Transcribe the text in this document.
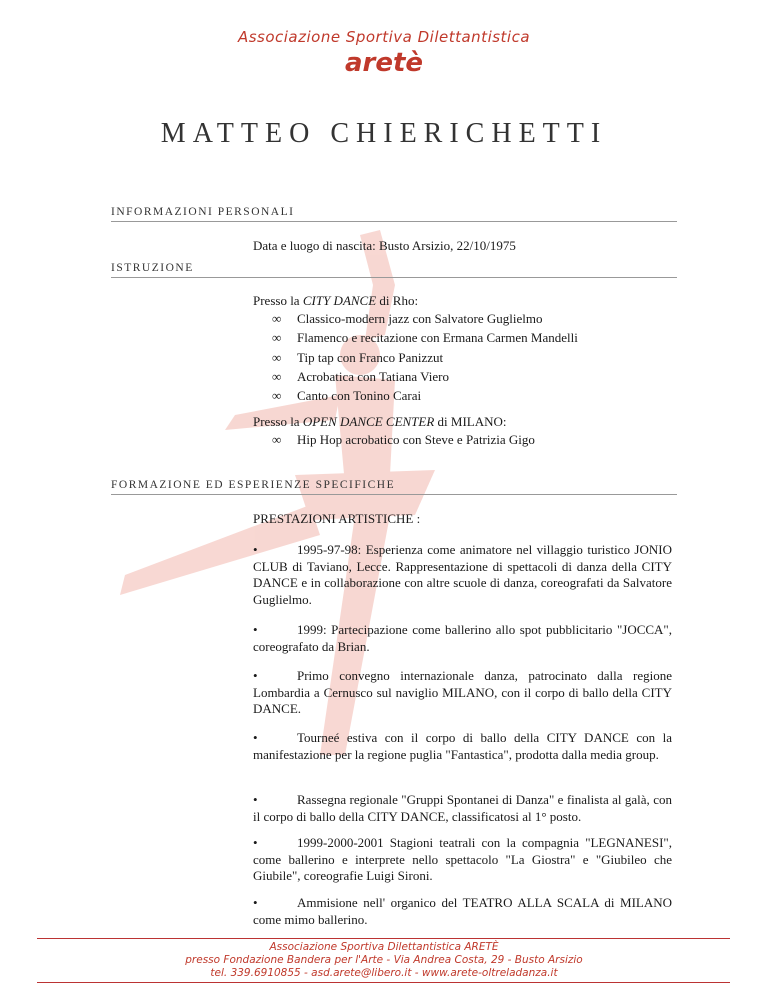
Associazione Sportiva Dilettantistica
aretè
MATTEO CHIERICHETTI
INFORMAZIONI PERSONALI
Data e luogo di nascita: Busto Arsizio, 22/10/1975
ISTRUZIONE
Presso la CITY DANCE di Rho:
∞ Classico-modern jazz con Salvatore Guglielmo
∞ Flamenco e recitazione con Ermana Carmen Mandelli
∞ Tip tap con Franco Panizzut
∞ Acrobatica con Tatiana Viero
∞ Canto con Tonino Carai
Presso la OPEN DANCE CENTER di MILANO:
∞ Hip Hop acrobatico con Steve e Patrizia Gigo
FORMAZIONE ED ESPERIENZE SPECIFICHE
PRESTAZIONI ARTISTICHE :
•	1995-97-98: Esperienza come animatore nel villaggio turistico JONIO CLUB di Taviano, Lecce. Rappresentazione di spettacoli di danza della CITY DANCE e in collaborazione con altre scuole di danza, coreografati da Salvatore Guglielmo.
•	1999: Partecipazione come ballerino allo spot pubblicitario "JOCCA", coreografato da Brian.
•	Primo convegno internazionale danza, patrocinato dalla regione Lombardia a Cernusco sul naviglio MILANO, con il corpo di ballo della CITY DANCE.
•	Tourneé estiva con il corpo di ballo della CITY DANCE con la manifestazione per la regione puglia "Fantastica", prodotta dalla media group.
•	Rassegna regionale "Gruppi Spontanei di Danza" e finalista al galà, con il corpo di ballo della CITY DANCE, classificatosi al 1° posto.
•	1999-2000-2001 Stagioni teatrali con la compagnia "LEGNANESI", come ballerino e interprete nello spettacolo "La Giostra" e "Giubileo che Giubile", coreografie Luigi Sironi.
•	Ammisione nell' organico del TEATRO ALLA SCALA di MILANO come mimo ballerino.
Associazione Sportiva Dilettantistica ARETÈ
presso Fondazione Bandera per l'Arte - Via Andrea Costa, 29 - Busto Arsizio
tel. 339.6910855 - asd.arete@libero.it - www.arete-oltreladanza.it
